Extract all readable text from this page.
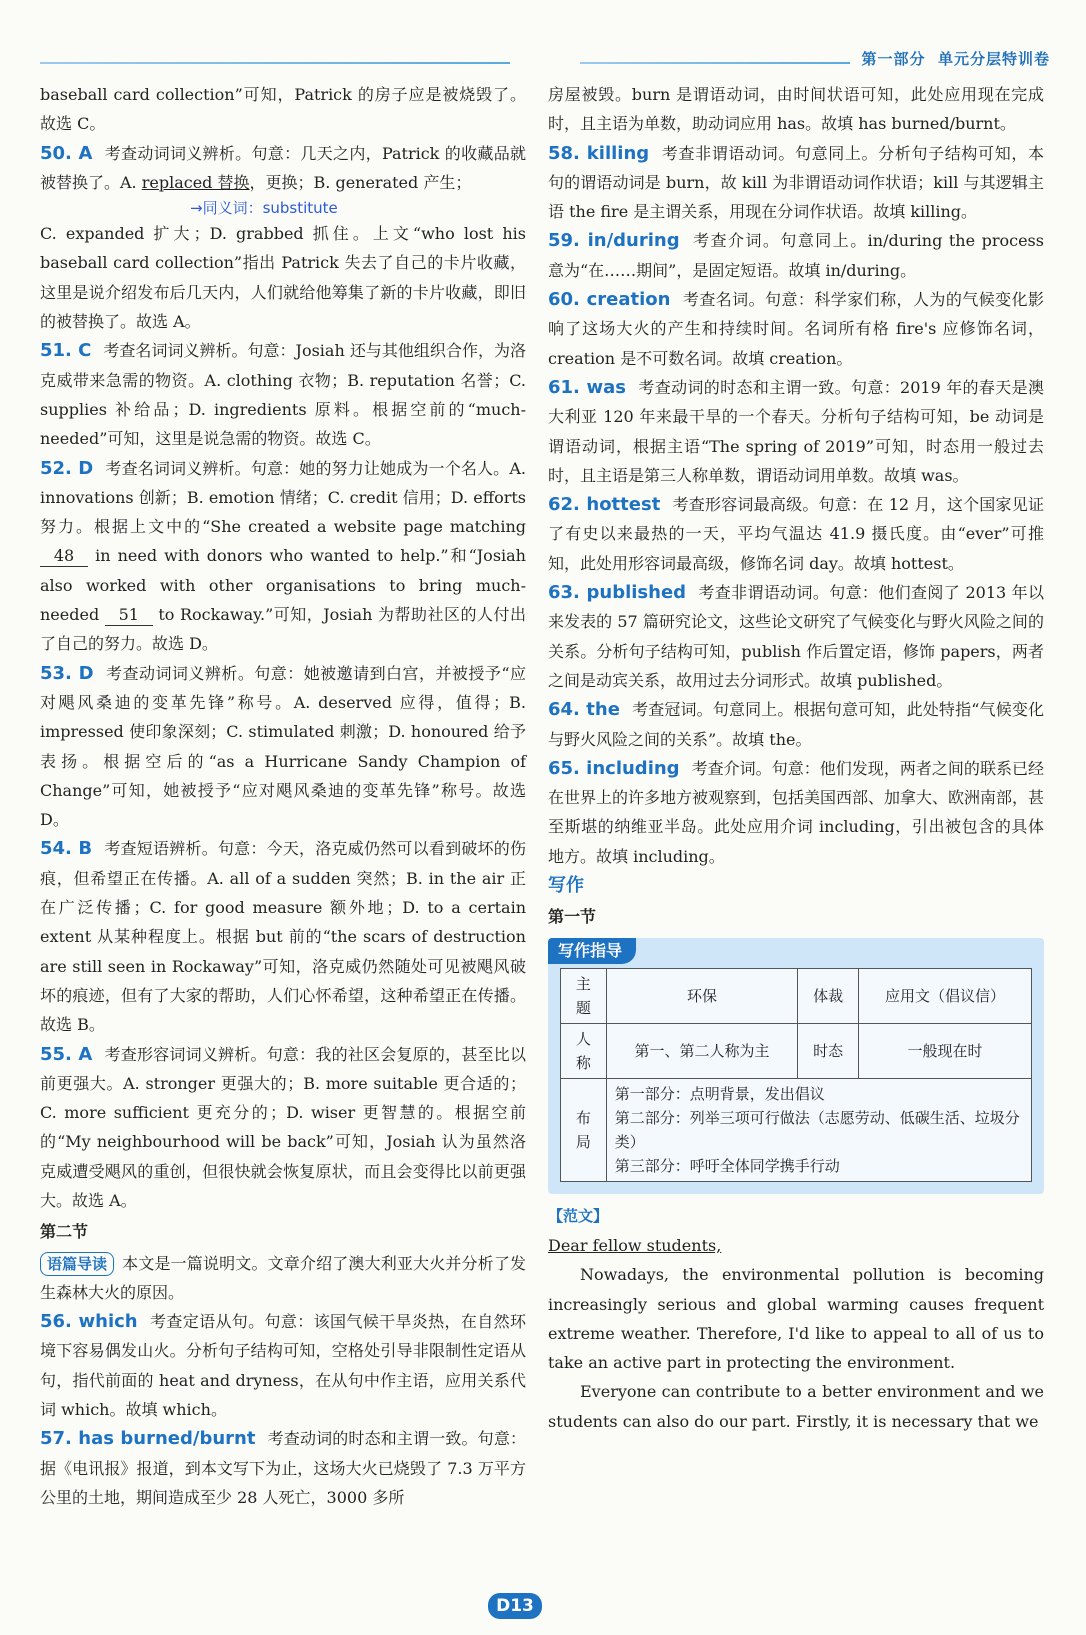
第一部分 单元分层特训卷

baseball card collection”可知，Patrick 的房子应是被烧毁了。故选 C。

50. A 考查动词词义辨析。句意：几天之内，Patrick 的收藏品就被替换了。A. replaced 替换，更换；B. generated 产生；

→同义词：substitute

C. expanded 扩大；D. grabbed 抓住。上文“who lost his baseball card collection”指出 Patrick 失去了自己的卡片收藏，这里是说介绍发布后几天内，人们就给他筹集了新的卡片收藏，即旧的被替换了。故选 A。

51. C 考查名词词义辨析。句意：Josiah 还与其他组织合作，为洛克威带来急需的物资。A. clothing 衣物；B. reputation 名誉；C. supplies 补给品；D. ingredients 原料。根据空前的“much-needed”可知，这里是说急需的物资。故选 C。

52. D 考查名词词义辨析。句意：她的努力让她成为一个名人。A. innovations 创新；B. emotion 情绪；C. credit 信用；D. efforts 努力。根据上文中的“She created a website page matching 48 in need with donors who wanted to help.”和“Josiah also worked with other organisations to bring much-needed 51 to Rockaway.”可知，Josiah 为帮助社区的人付出了自己的努力。故选 D。

53. D 考查动词词义辨析。句意：她被邀请到白宫，并被授予“应对飓风桑迪的变革先锋”称号。A. deserved 应得，值得；B. impressed 使印象深刻；C. stimulated 刺激；D. honoured 给予表扬。根据空后的“as a Hurricane Sandy Champion of Change”可知，她被授予“应对飓风桑迪的变革先锋”称号。故选 D。

54. B 考查短语辨析。句意：今天，洛克威仍然可以看到破坏的伤痕，但希望正在传播。A. all of a sudden 突然；B. in the air 正在广泛传播；C. for good measure 额外地；D. to a certain extent 从某种程度上。根据 but 前的“the scars of destruction are still seen in Rockaway”可知，洛克威仍然随处可见被飓风破坏的痕迹，但有了大家的帮助，人们心怀希望，这种希望正在传播。故选 B。

55. A 考查形容词词义辨析。句意：我的社区会复原的，甚至比以前更强大。A. stronger 更强大的；B. more suitable 更合适的；C. more sufficient 更充分的；D. wiser 更智慧的。根据空前的“My neighbourhood will be back”可知，Josiah 认为虽然洛克威遭受飓风的重创，但很快就会恢复原状，而且会变得比以前更强大。故选 A。

第二节

语篇导读 本文是一篇说明文。文章介绍了澳大利亚大火并分析了发生森林大火的原因。

56. which 考查定语从句。句意：该国气候干旱炎热，在自然环境下容易偶发山火。分析句子结构可知，空格处引导非限制性定语从句，指代前面的 heat and dryness，在从句中作主语，应用关系代词 which。故填 which。

57. has burned/burnt 考查动词的时态和主谓一致。句意：据《电讯报》报道，到本文写下为止，这场大火已烧毁了 7.3 万平方公里的土地，期间造成至少 28 人死亡，3000 多所

房屋被毁。burn 是谓语动词，由时间状语可知，此处应用现在完成时，且主语为单数，助动词应用 has。故填 has burned/burnt。

58. killing 考查非谓语动词。句意同上。分析句子结构可知，本句的谓语动词是 burn，故 kill 为非谓语动词作状语；kill 与其逻辑主语 the fire 是主谓关系，用现在分词作状语。故填 killing。

59. in/during 考查介词。句意同上。in/during the process 意为“在……期间”，是固定短语。故填 in/during。

60. creation 考查名词。句意：科学家们称，人为的气候变化影响了这场大火的产生和持续时间。名词所有格 fire's 应修饰名词，creation 是不可数名词。故填 creation。

61. was 考查动词的时态和主谓一致。句意：2019 年的春天是澳大利亚 120 年来最干旱的一个春天。分析句子结构可知，be 动词是谓语动词，根据主语“The spring of 2019”可知，时态用一般过去时，且主语是第三人称单数，谓语动词用单数。故填 was。

62. hottest 考查形容词最高级。句意：在 12 月，这个国家见证了有史以来最热的一天，平均气温达 41.9 摄氏度。由“ever”可推知，此处用形容词最高级，修饰名词 day。故填 hottest。

63. published 考查非谓语动词。句意：他们查阅了 2013 年以来发表的 57 篇研究论文，这些论文研究了气候变化与野火风险之间的关系。分析句子结构可知，publish 作后置定语，修饰 papers，两者之间是动宾关系，故用过去分词形式。故填 published。

64. the 考查冠词。句意同上。根据句意可知，此处特指“气候变化与野火风险之间的关系”。故填 the。

65. including 考查介词。句意：他们发现，两者之间的联系已经在世界上的许多地方被观察到，包括美国西部、加拿大、欧洲南部，甚至斯堪的纳维亚半岛。此处应用介词 including，引出被包含的具体地方。故填 including。

写作
第一节
写作指导
主题	环保	体裁	应用文（倡议信）
人称	第一、第二人称为主	时态	一般现在时
布局	第一部分：点明背景，发出倡议
第二部分：列举三项可行做法（志愿劳动、低碳生活、垃圾分类）
第三部分：呼吁全体同学携手行动		
【范文】

Dear fellow students,

Nowadays, the environmental pollution is becoming increasingly serious and global warming causes frequent extreme weather. Therefore, I'd like to appeal to all of us to take an active part in protecting the environment.

Everyone can contribute to a better environment and we students can also do our part. Firstly, it is necessary that we

D13
